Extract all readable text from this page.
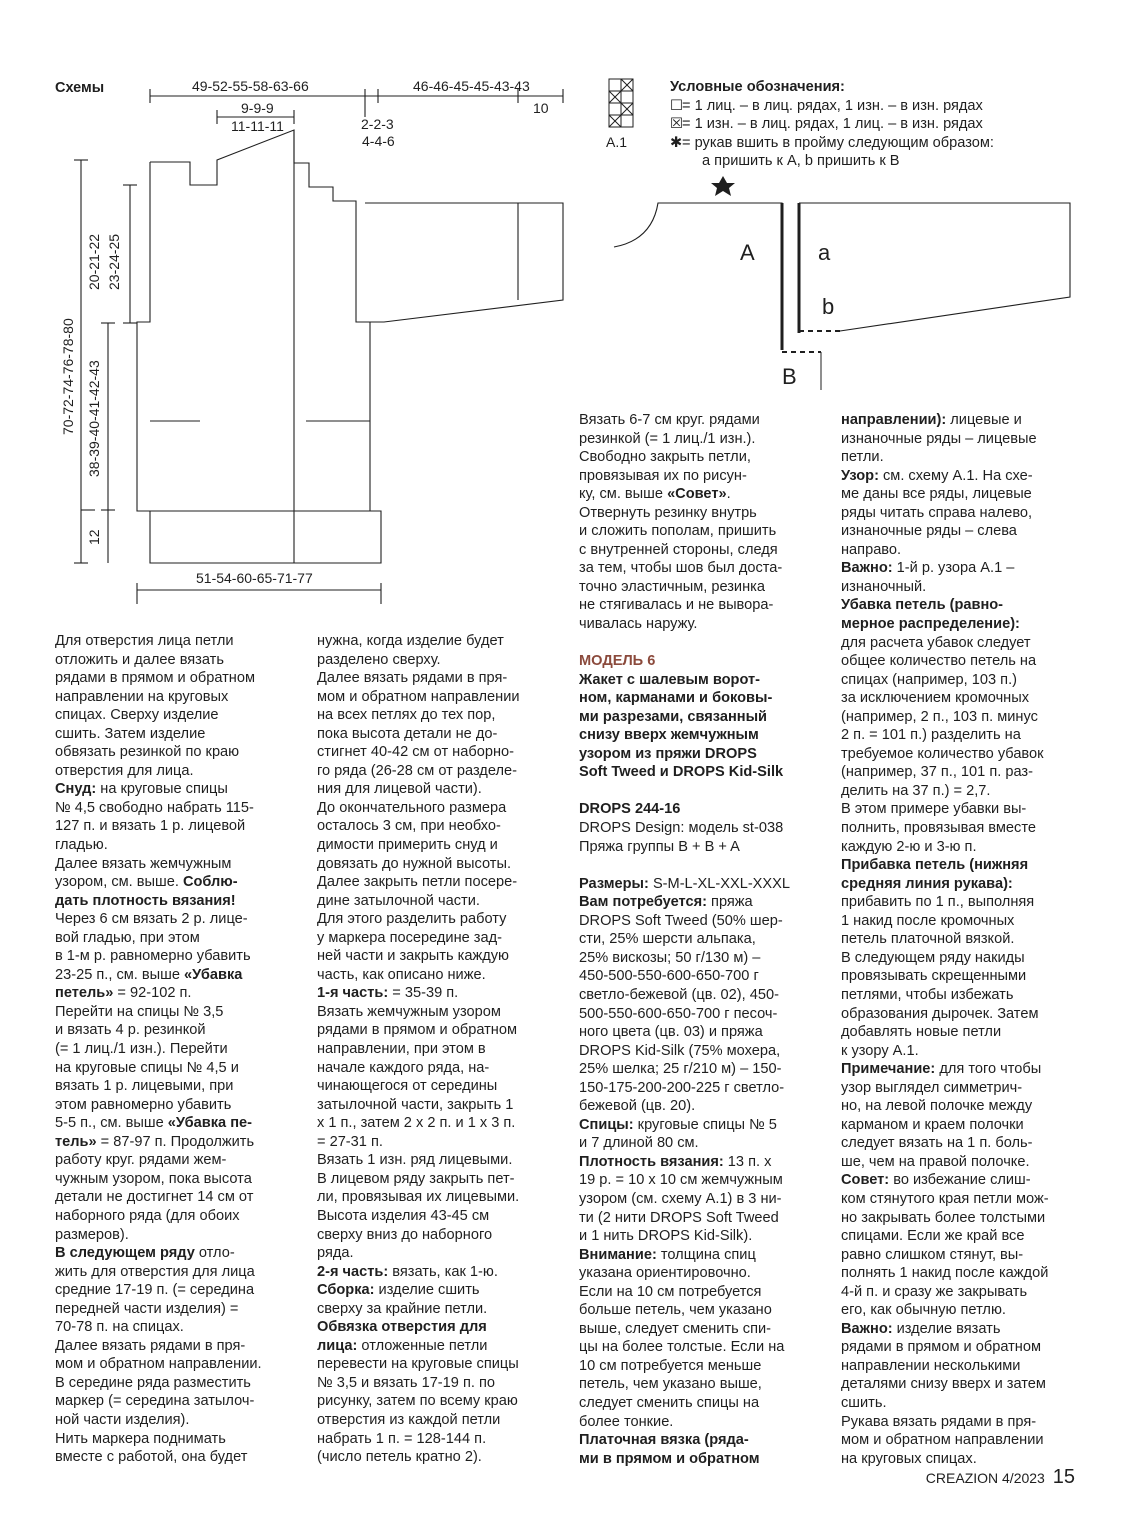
Схемы	49-52-55-58-63-66
9-9-9
11-11-11	2-2-3
4-4-6
46-46-45-45-43-43
10
70-72-74-76-78-80
20-21-22 23-24-25
38-39-40-41-42-43
12
51-54-60-65-71-77
A.1
A	a
b
B

Условные обозначения:

☐= 1 лиц. – в лиц. рядах, 1 изн. – в изн. рядах

☒= 1 изн. – в лиц. рядах, 1 лиц. – в изн. рядах

✱= рукав вшить в пройму следующим образом:

a пришить к A, b пришить к B

Для отверстия лица петли
отложить и далее вязать
рядами в прямом и обратном
направлении на круговых
спицах. Сверху изделие
сшить. Затем изделие
обвязать резинкой по краю
отверстия для лица.

Снуд: на круговые спицы
№ 4,5 свободно набрать 115-
127 п. и вязать 1 р. лицевой
гладью.

Далее вязать жемчужным
узором, см. выше. Соблю-
дать плотность вязания!
Через 6 см вязать 2 р. лице-
вой гладью, при этом
в 1-м р. равномерно убавить
23-25 п., см. выше «Убавка
петель» = 92-102 п.
Перейти на спицы № 3,5
и вязать 4 р. резинкой
(= 1 лиц./1 изн.). Перейти
на круговые спицы № 4,5 и
вязать 1 р. лицевыми, при
этом равномерно убавить
5-5 п., см. выше «Убавка пе-
тель» = 87-97 п. Продолжить
работу круг. рядами жем-
чужным узором, пока высота
детали не достигнет 14 см от
наборного ряда (для обоих
размеров).

В следующем ряду отло-
жить для отверстия для лица
средние 17-19 п. (= середина
передней части изделия) =
70-78 п. на спицах.
Далее вязать рядами в пря-
мом и обратном направлении.
В середине ряда разместить
маркер (= середина затылоч-
ной части изделия).
Нить маркера поднимать
вместе с работой, она будет

нужна, когда изделие будет
разделено сверху.
Далее вязать рядами в пря-
мом и обратном направлении
на всех петлях до тех пор,
пока высота детали не до-
стигнет 40-42 см от наборно-
го ряда (26-28 см от разделе-
ния для лицевой части).
До окончательного размера
осталось 3 см, при необхо-
димости примерить снуд и
довязать до нужной высоты.
Далее закрыть петли посере-
дине затылочной части.
Для этого разделить работу
у маркера посередине зад-
ней части и закрыть каждую
часть, как описано ниже.

1-я часть: = 35-39 п.
Вязать жемчужным узором
рядами в прямом и обратном
направлении, при этом в
начале каждого ряда, на-
чинающегося от середины
затылочной части, закрыть 1
х 1 п., затем 2 х 2 п. и 1 х 3 п.
= 27-31 п.
Вязать 1 изн. ряд лицевыми.
В лицевом ряду закрыть пет-
ли, провязывая их лицевыми.
Высота изделия 43-45 см
сверху вниз до наборного
ряда.

2-я часть: вязать, как 1-ю.
Сборка: изделие сшить
сверху за крайние петли.
Обвязка отверстия для
лица: отложенные петли
перевести на круговые спицы
№ 3,5 и вязать 17-19 п. по
рисунку, затем по всему краю
отверстия из каждой петли
набрать 1 п. = 128-144 п.
(число петель кратно 2).

Вязать 6-7 см круг. рядами
резинкой (= 1 лиц./1 изн.).
Свободно закрыть петли,
провязывая их по рисун-
ку, см. выше «Совет».
Отвернуть резинку внутрь
и сложить пополам, пришить
с внутренней стороны, следя
за тем, чтобы шов был доста-
точно эластичным, резинка
не стягивалась и не вывора-
чивалась наружу.

МОДЕЛЬ 6

Жакет с шалевым ворот-
ном, карманами и боковы-
ми разрезами, связанный
снизу вверх жемчужным
узором из пряжи DROPS
Soft Tweed и DROPS Kid-Silk

DROPS 244-16
DROPS Design: модель st-038
Пряжа группы B + B + A

Размеры: S-M-L-XL-XXL-XXXL
Вам потребуется: пряжа
DROPS Soft Tweed (50% шер-
сти, 25% шерсти альпака,
25% вискозы; 50 г/130 м) –
450-500-550-600-650-700 г
светло-бежевой (цв. 02), 450-
500-550-600-650-700 г песоч-
ного цвета (цв. 03) и пряжа
DROPS Kid-Silk (75% мохера,
25% шелка; 25 г/210 м) – 150-
150-175-200-200-225 г светло-
бежевой (цв. 20).

Спицы: круговые спицы № 5
и 7 длиной 80 см.

Плотность вязания: 13 п. х
19 р. = 10 х 10 см жемчужным
узором (см. схему A.1) в 3 ни-
ти (2 нити DROPS Soft Tweed
и 1 нить DROPS Kid-Silk).

Внимание: толщина спиц
указана ориентировочно.
Если на 10 см потребуется
больше петель, чем указано
выше, следует сменить спи-
цы на более толстые. Если на
10 см потребуется меньше
петель, чем указано выше,
следует сменить спицы на
более тонкие.

Платочная вязка (ряда-
ми в прямом и обратном

направлении): лицевые и
изнаночные ряды – лицевые
петли.

Узор: см. схему A.1. На схе-
ме даны все ряды, лицевые
ряды читать справа налево,
изнаночные ряды – слева
направо.

Важно: 1-й р. узора A.1 –
изнаночный.

Убавка петель (равно-
мерное распределение):
для расчета убавок следует
общее количество петель на
спицах (например, 103 п.)
за исключением кромочных
(например, 2 п., 103 п. минус
2 п. = 101 п.) разделить на
требуемое количество убавок
(например, 37 п., 101 п. раз-
делить на 37 п.) = 2,7.
В этом примере убавки вы-
полнить, провязывая вместе
каждую 2-ю и 3-ю п.

Прибавка петель (нижняя
средняя линия рукава):
прибавить по 1 п., выполняя
1 накид после кромочных
петель платочной вязкой.
В следующем ряду накиды
провязывать скрещенными
петлями, чтобы избежать
образования дырочек. Затем
добавлять новые петли
к узору A.1.

Примечание: для того чтобы
узор выглядел симметрич-
но, на левой полочке между
карманом и краем полочки
следует вязать на 1 п. боль-
ше, чем на правой полочке.

Совет: во избежание слиш-
ком стянутого края петли мож-
но закрывать более толстыми
спицами. Если же край все
равно слишком стянут, вы-
полнять 1 накид после каждой
4-й п. и сразу же закрывать
его, как обычную петлю.

Важно: изделие вязать
рядами в прямом и обратном
направлении несколькими
деталями снизу вверх и затем
сшить.
Рукава вязать рядами в пря-
мом и обратном направлении
на круговых спицах.

CREAZION 4/2023 15
